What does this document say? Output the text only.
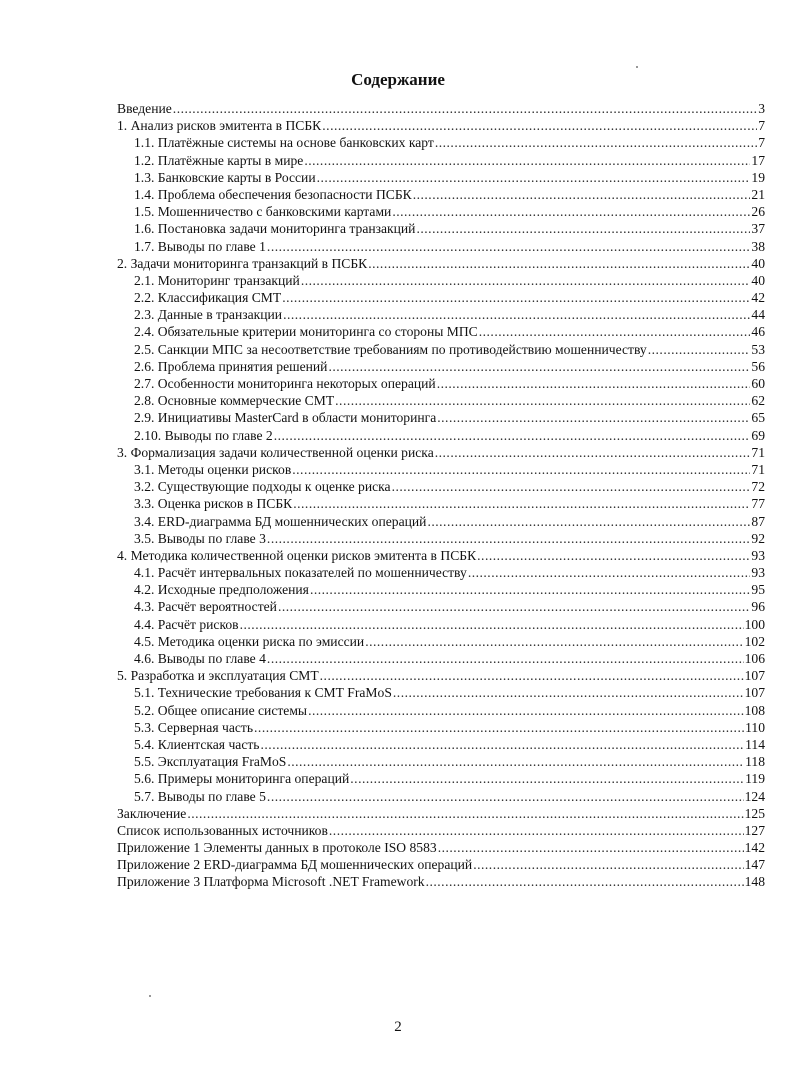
Содержание
Введение .....	3
1. Анализ рисков эмитента в ПСБК .....	7
1.1. Платёжные системы на основе банковских карт .....	7
1.2. Платёжные карты в мире .....	17
1.3. Банковские карты в России .....	19
1.4. Проблема обеспечения безопасности ПСБК .....	21
1.5. Мошенничество с банковскими картами .....	26
1.6. Постановка задачи мониторинга транзакций .....	37
1.7. Выводы по главе 1 .....	38
2. Задачи мониторинга транзакций в ПСБК .....	40
2.1. Мониторинг транзакций .....	40
2.2. Классификация СМТ .....	42
2.3. Данные в транзакции .....	44
2.4. Обязательные критерии мониторинга со стороны МПС .....	46
2.5. Санкции МПС за несоответствие требованиям по противодействию мошенничеству .....	53
2.6. Проблема принятия решений .....	56
2.7. Особенности мониторинга некоторых операций .....	60
2.8. Основные коммерческие СМТ .....	62
2.9. Инициативы MasterCard в области мониторинга .....	65
2.10. Выводы по главе 2 .....	69
3. Формализация задачи количественной оценки риска .....	71
3.1. Методы оценки рисков .....	71
3.2. Существующие подходы к оценке риска .....	72
3.3. Оценка рисков в ПСБК .....	77
3.4. ERD-диаграмма БД мошеннических операций .....	87
3.5. Выводы по главе 3 .....	92
4. Методика количественной оценки рисков эмитента в ПСБК .....	93
4.1. Расчёт интервальных показателей по мошенничеству .....	93
4.2. Исходные предположения .....	95
4.3. Расчёт вероятностей .....	96
4.4. Расчёт рисков .....	100
4.5. Методика оценки риска по эмиссии .....	102
4.6. Выводы по главе 4 .....	106
5. Разработка и эксплуатация СМТ .....	107
5.1. Технические требования к СМТ FraMoS .....	107
5.2. Общее описание системы .....	108
5.3. Серверная часть .....	110
5.4. Клиентская часть .....	114
5.5. Эксплуатация FraMoS .....	118
5.6. Примеры мониторинга операций .....	119
5.7. Выводы по главе 5 .....	124
Заключение .....	125
Список использованных источников .....	127
Приложение 1 Элементы данных в протоколе ISO 8583 .....	142
Приложение 2 ERD-диаграмма БД мошеннических операций .....	147
Приложение 3 Платформа Microsoft .NET Framework .....	148
2
